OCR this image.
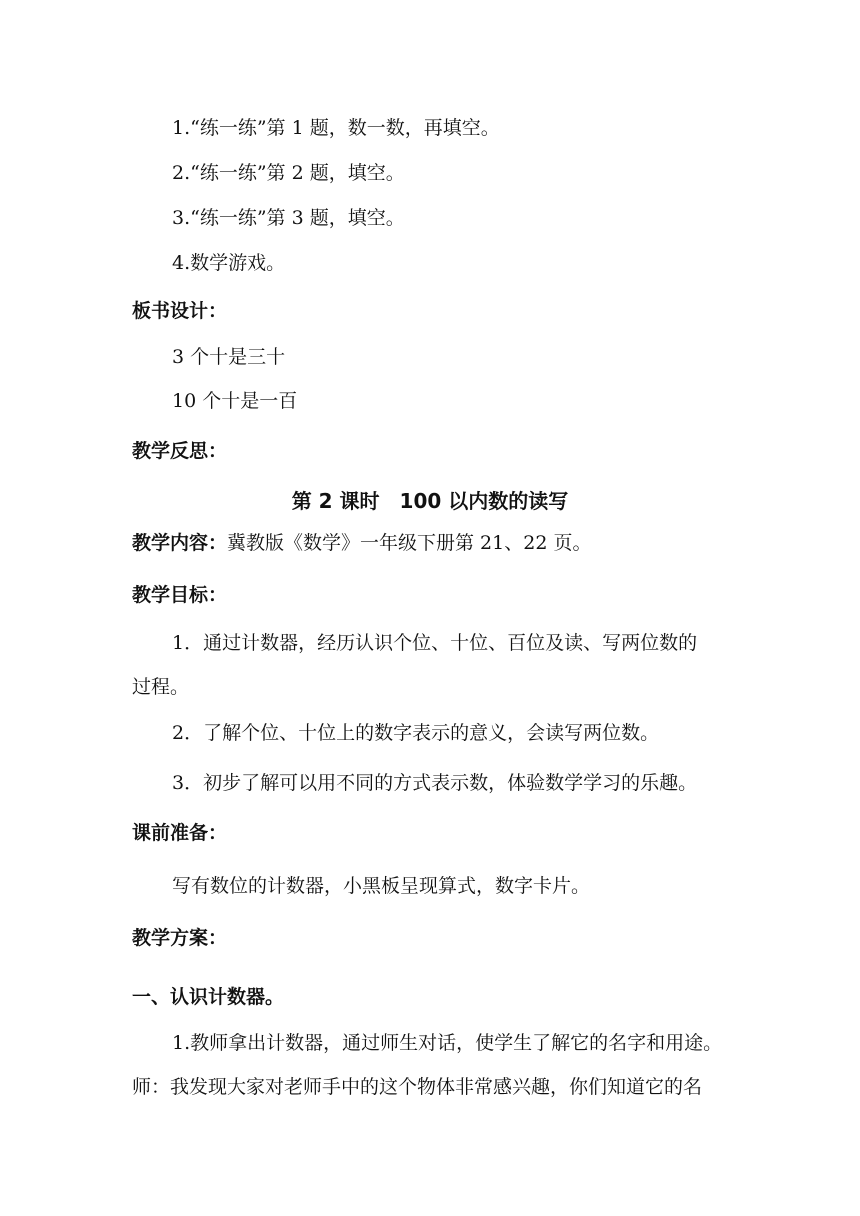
1.“练一练”第 1 题，数一数，再填空。
2.“练一练”第 2 题，填空。
3.“练一练”第 3 题，填空。
4.数学游戏。
板书设计：
3 个十是三十
10 个十是一百
教学反思：
第 2 课时　100 以内数的读写
教学内容：冀教版《数学》一年级下册第 21、22 页。
教学目标：
1．通过计数器，经历认识个位、十位、百位及读、写两位数的
过程。
2．了解个位、十位上的数字表示的意义，会读写两位数。
3．初步了解可以用不同的方式表示数，体验数学学习的乐趣。
课前准备：
写有数位的计数器，小黑板呈现算式，数字卡片。
教学方案：
一、认识计数器。
1.教师拿出计数器，通过师生对话，使学生了解它的名字和用途。
师：我发现大家对老师手中的这个物体非常感兴趣，你们知道它的名
